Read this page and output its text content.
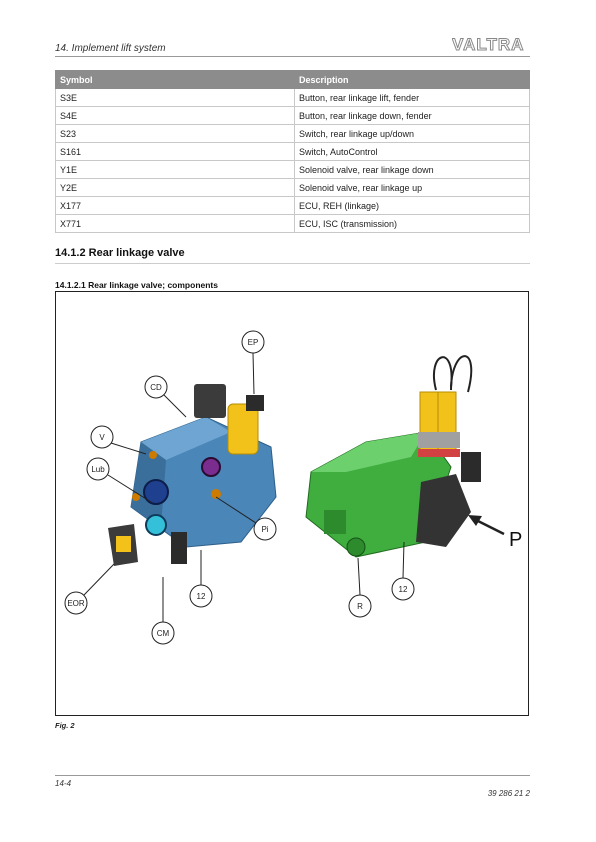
14. Implement lift system	VALTRA
Symbol	Description
S3E	Button, rear linkage lift, fender
S4E	Button, rear linkage down, fender
S23	Switch, rear linkage up/down
S161	Switch, AutoControl
Y1E	Solenoid valve, rear linkage down
Y2E	Solenoid valve, rear linkage up
X177	ECU, REH (linkage)
X771	ECU, ISC (transmission)
14.1.2 Rear linkage valve
14.1.2.1 Rear linkage valve; components
EP
CD
V
Lub
Pi
EOR
CM
12
R
12
P
Fig. 2
14-4
39 286 21 2
